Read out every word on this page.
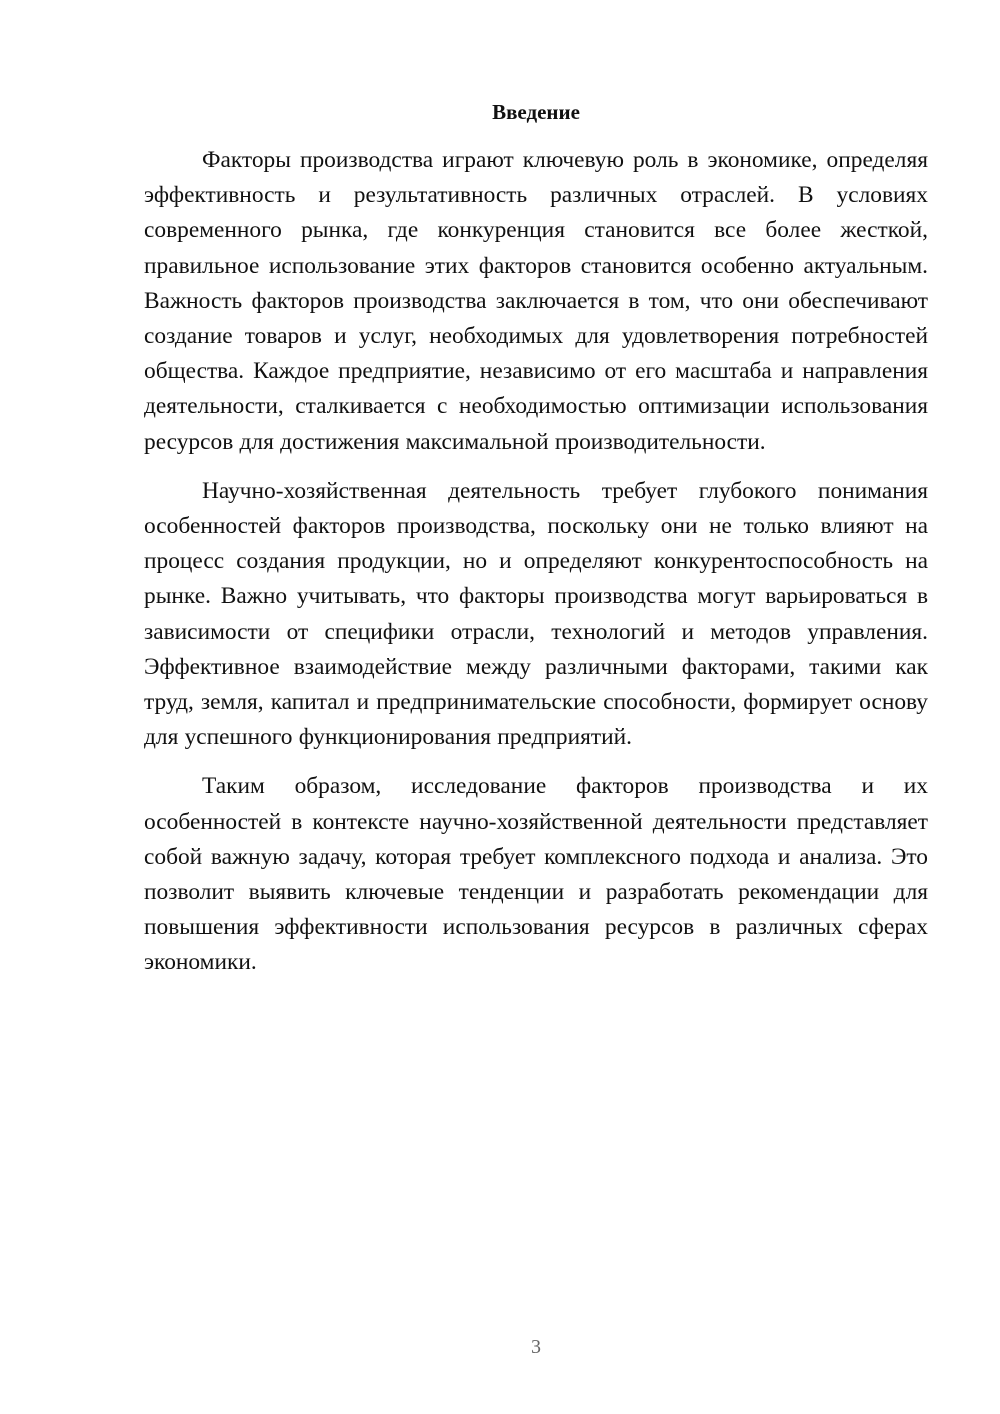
Введение

Факторы производства играют ключевую роль в экономике, определяя эффективность и результативность различных отраслей. В условиях современного рынка, где конкуренция становится все более жесткой, правильное использование этих факторов становится особенно актуальным. Важность факторов производства заключается в том, что они обеспечивают создание товаров и услуг, необходимых для удовлетворения потребностей общества. Каждое предприятие, независимо от его масштаба и направления деятельности, сталкивается с необходимостью оптимизации использования ресурсов для достижения максимальной производительности.

Научно-хозяйственная деятельность требует глубокого понимания особенностей факторов производства, поскольку они не только влияют на процесс создания продукции, но и определяют конкурентоспособность на рынке. Важно учитывать, что факторы производства могут варьироваться в зависимости от специфики отрасли, технологий и методов управления. Эффективное взаимодействие между различными факторами, такими как труд, земля, капитал и предпринимательские способности, формирует основу для успешного функционирования предприятий.

Таким образом, исследование факторов производства и их особенностей в контексте научно-хозяйственной деятельности представляет собой важную задачу, которая требует комплексного подхода и анализа. Это позволит выявить ключевые тенденции и разработать рекомендации для повышения эффективности использования ресурсов в различных сферах экономики.

3
